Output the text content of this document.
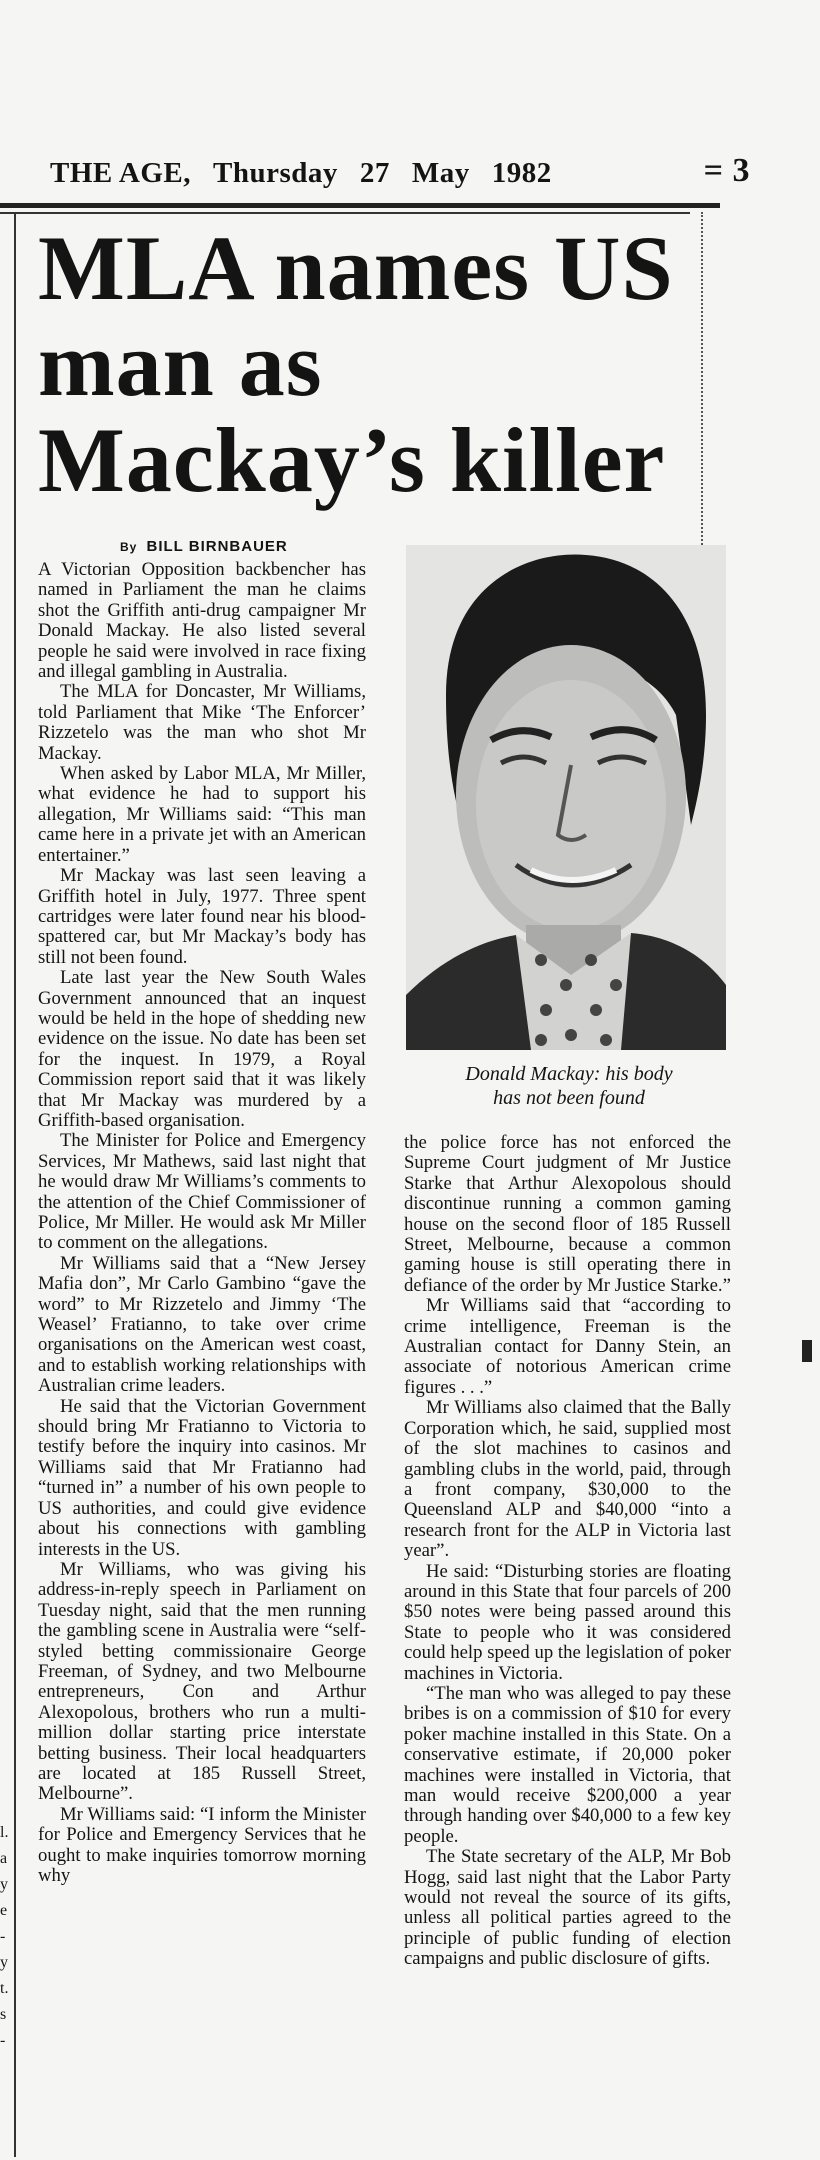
THE AGE, Thursday 27 May 1982	= 3
MLA names US
man as
Mackay’s killer
By BILL BIRNBAUER

A Victorian Opposition backbencher has named in Parliament the man he claims shot the Griffith anti-drug campaigner Mr Donald Mackay. He also listed several people he said were involved in race fixing and illegal gambling in Australia.

The MLA for Doncaster, Mr Williams, told Parliament that Mike ‘The Enforcer’ Rizzetelo was the man who shot Mr Mackay.

When asked by Labor MLA, Mr Miller, what evidence he had to support his allegation, Mr Williams said: “This man came here in a private jet with an American entertainer.”

Mr Mackay was last seen leaving a Griffith hotel in July, 1977. Three spent cartridges were later found near his blood-spattered car, but Mr Mackay’s body has still not been found.

Late last year the New South Wales Government announced that an inquest would be held in the hope of shedding new evidence on the issue. No date has been set for the inquest. In 1979, a Royal Commission report said that it was likely that Mr Mackay was murdered by a Griffith-based organisation.

The Minister for Police and Emergency Services, Mr Mathews, said last night that he would draw Mr Williams’s comments to the attention of the Chief Commissioner of Police, Mr Miller. He would ask Mr Miller to comment on the allegations.

Mr Williams said that a “New Jersey Mafia don”, Mr Carlo Gambino “gave the word” to Mr Rizzetelo and Jimmy ‘The Weasel’ Fratianno, to take over crime organisations on the American west coast, and to establish working relationships with Australian crime leaders.

He said that the Victorian Government should bring Mr Fratianno to Victoria to testify before the inquiry into casinos. Mr Williams said that Mr Fratianno had “turned in” a number of his own people to US authorities, and could give evidence about his connections with gambling interests in the US.

Mr Williams, who was giving his address-in-reply speech in Parliament on Tuesday night, said that the men running the gambling scene in Australia were “self-styled betting commissionaire George Freeman, of Sydney, and two Melbourne entrepreneurs, Con and Arthur Alexopolous, brothers who run a multi-million dollar starting price interstate betting business. Their local headquarters are located at 185 Russell Street, Melbourne”.

Mr Williams said: “I inform the Minister for Police and Emergency Services that he ought to make inquiries tomorrow morning why

Donald Mackay: his body
has not been found

the police force has not enforced the Supreme Court judgment of Mr Justice Starke that Arthur Alexopolous should discontinue running a common gaming house on the second floor of 185 Russell Street, Melbourne, because a common gaming house is still operating there in defiance of the order by Mr Justice Starke.”

Mr Williams said that “according to crime intelligence, Freeman is the Australian contact for Danny Stein, an associate of notorious American crime figures . . .”

Mr Williams also claimed that the Bally Corporation which, he said, supplied most of the slot machines to casinos and gambling clubs in the world, paid, through a front company, $30,000 to the Queensland ALP and $40,000 “into a research front for the ALP in Victoria last year”.

He said: “Disturbing stories are floating around in this State that four parcels of 200 $50 notes were being passed around this State to people who it was considered could help speed up the legislation of poker machines in Victoria.

“The man who was alleged to pay these bribes is on a commission of $10 for every poker machine installed in this State. On a conservative estimate, if 20,000 poker machines were installed in Victoria, that man would receive $200,000 a year through handing over $40,000 to a few key people.

The State secretary of the ALP, Mr Bob Hogg, said last night that the Labor Party would not reveal the source of its gifts, unless all political parties agreed to the principle of public funding of election campaigns and public disclosure of gifts.

l.
a
y
e
-
y
t.
s
-
